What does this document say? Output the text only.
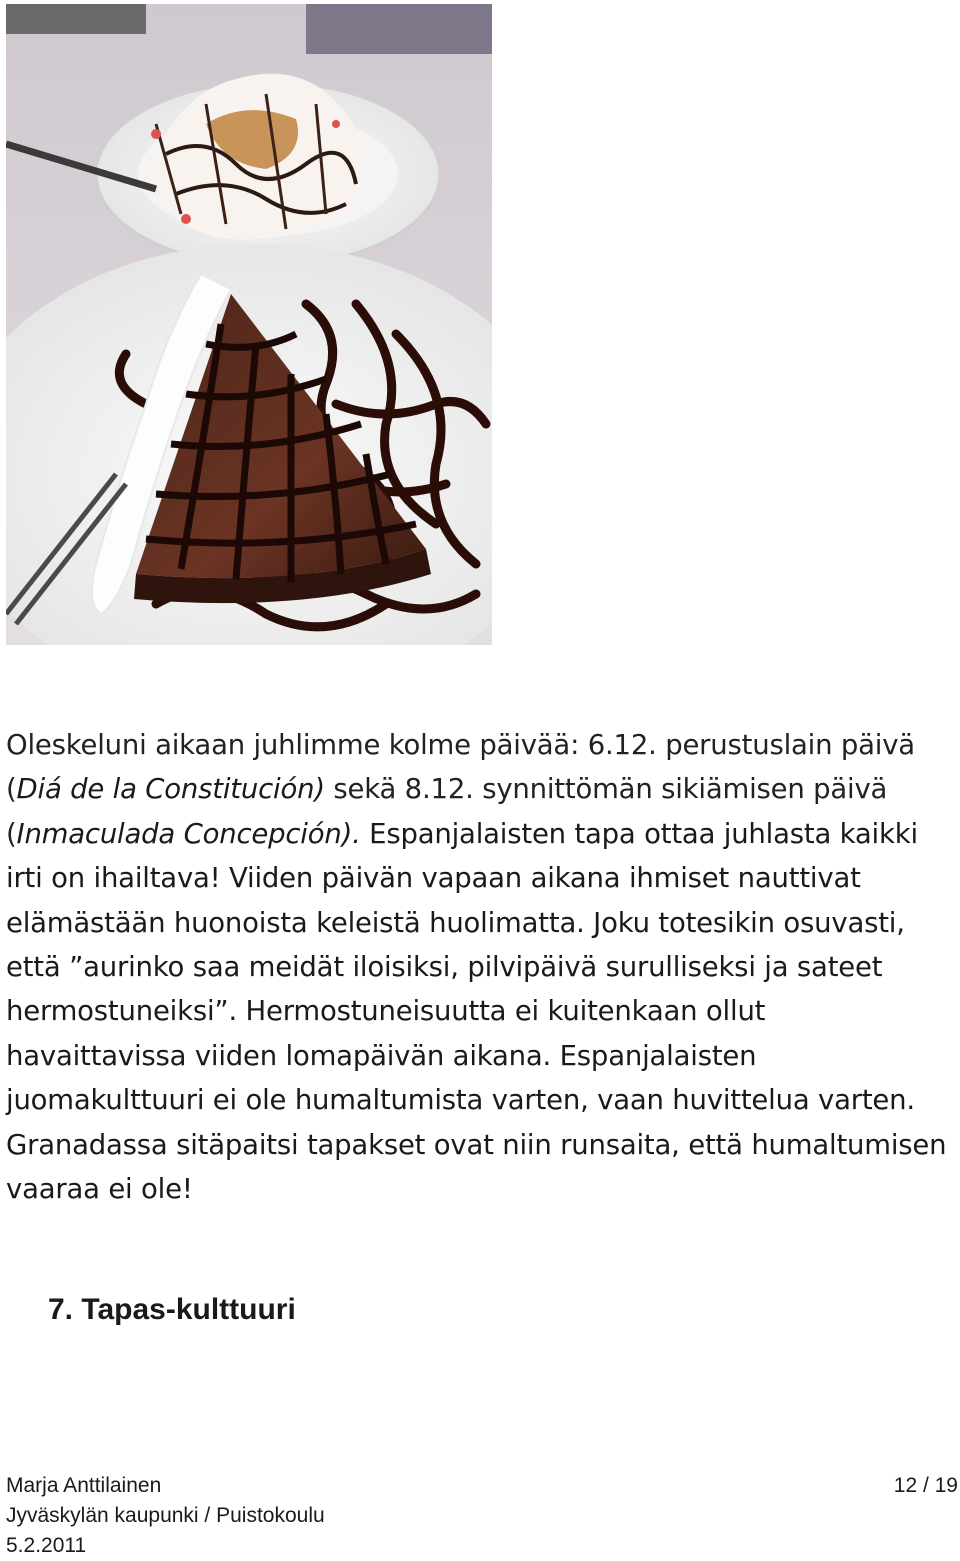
Oleskeluni aikaan juhlimme kolme päivää: 6.12. perustuslain päivä (Diá de la Constitución) sekä 8.12. synnittömän sikiämisen päivä (Inmaculada Concepción). Espanjalaisten tapa ottaa juhlasta kaikki irti on ihailtava! Viiden päivän vapaan aikana ihmiset nauttivat elämästään huonoista keleistä huolimatta. Joku totesikin osuvasti, että ”aurinko saa meidät iloisiksi, pilvipäivä surulliseksi ja sateet hermostuneiksi”. Hermostuneisuutta ei kuitenkaan ollut havaittavissa viiden lomapäivän aikana. Espanjalaisten juomakulttuuri ei ole humaltumista varten, vaan huvittelua varten. Granadassa sitäpaitsi tapakset ovat niin runsaita, että humaltumisen vaaraa ei ole!

7. Tapas-kulttuuri
Marja Anttilainen
Jyväskylän kaupunki / Puistokoulu
5.2.2011
12 / 19
